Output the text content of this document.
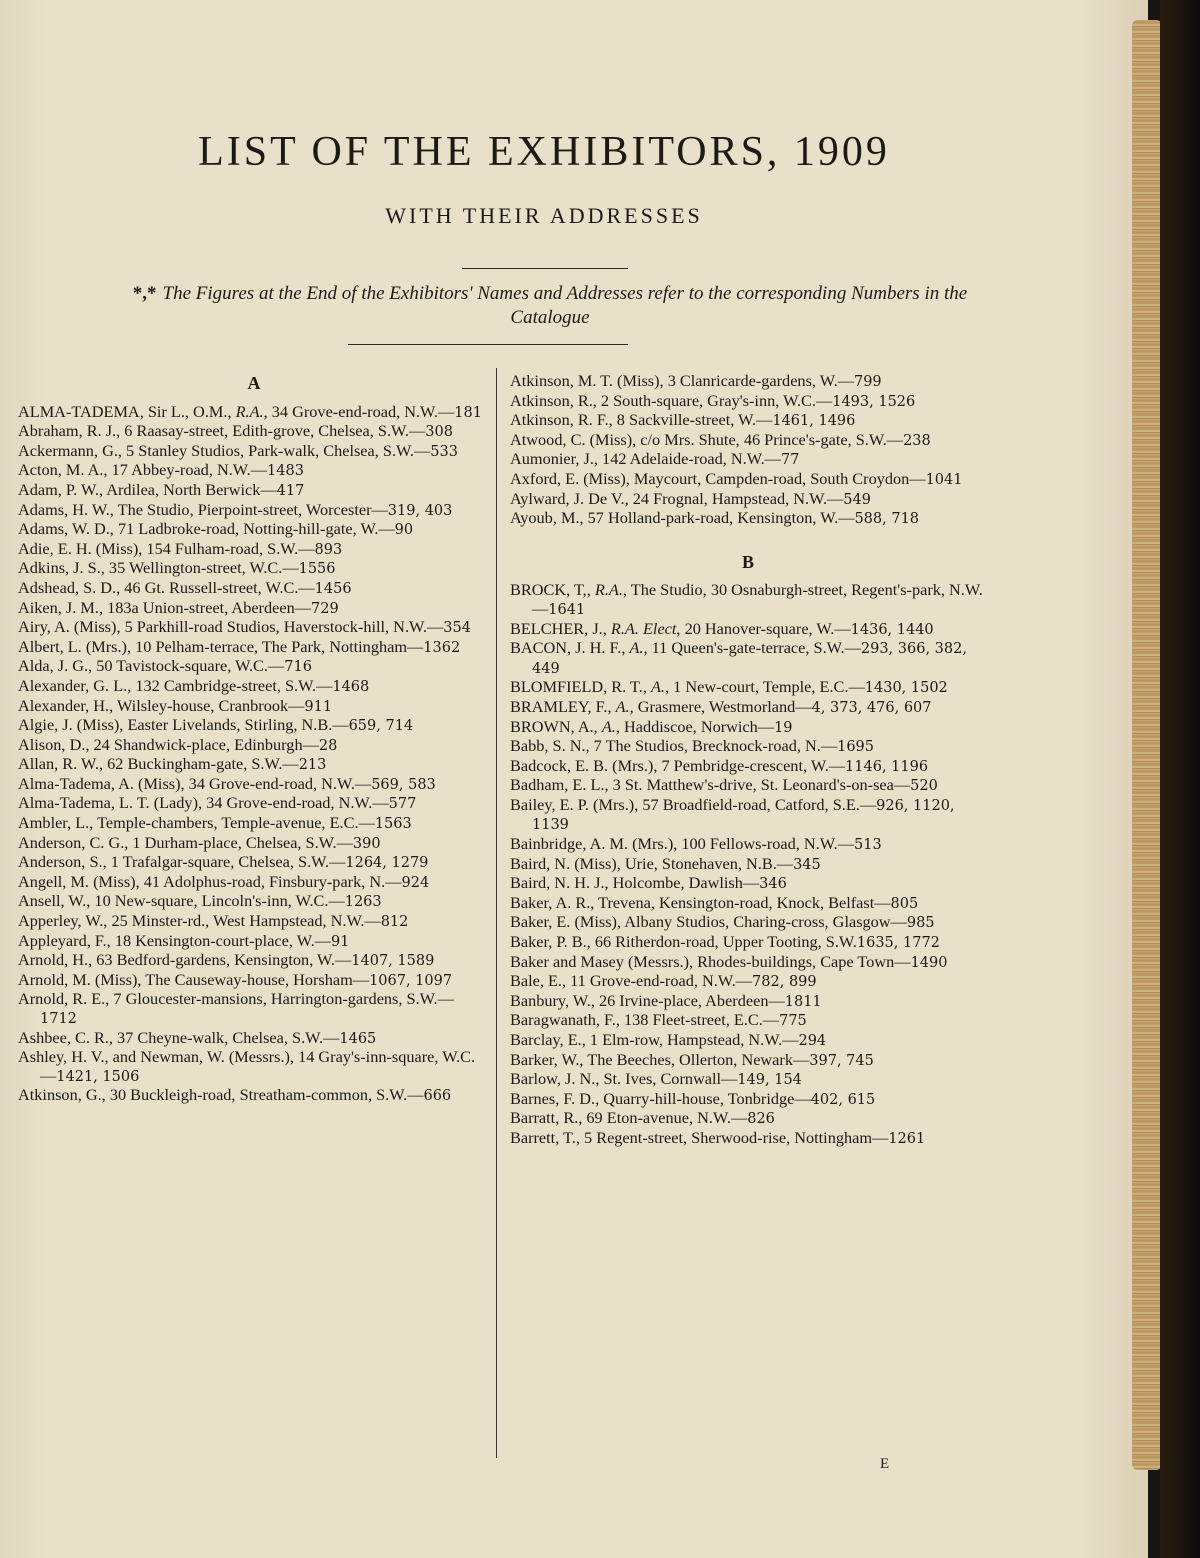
LIST OF THE EXHIBITORS, 1909
WITH THEIR ADDRESSES
*,* The Figures at the End of the Exhibitors' Names and Addresses refer to the corresponding Numbers in the Catalogue
A

ALMA-TADEMA, Sir L., O.M., R.A., 34 Grove-end-road, N.W.—181

Abraham, R. J., 6 Raasay-street, Edith-grove, Chelsea, S.W.—308

Ackermann, G., 5 Stanley Studios, Park-walk, Chelsea, S.W.—533

Acton, M. A., 17 Abbey-road, N.W.—1483

Adam, P. W., Ardilea, North Berwick—417

Adams, H. W., The Studio, Pierpoint-street, Worcester—319, 403

Adams, W. D., 71 Ladbroke-road, Notting-hill-gate, W.—90

Adie, E. H. (Miss), 154 Fulham-road, S.W.—893

Adkins, J. S., 35 Wellington-street, W.C.—1556

Adshead, S. D., 46 Gt. Russell-street, W.C.—1456

Aiken, J. M., 183a Union-street, Aberdeen—729

Airy, A. (Miss), 5 Parkhill-road Studios, Haverstock-hill, N.W.—354

Albert, L. (Mrs.), 10 Pelham-terrace, The Park, Nottingham—1362

Alda, J. G., 50 Tavistock-square, W.C.—716

Alexander, G. L., 132 Cambridge-street, S.W.—1468

Alexander, H., Wilsley-house, Cranbrook—911

Algie, J. (Miss), Easter Livelands, Stirling, N.B.—659, 714

Alison, D., 24 Shandwick-place, Edinburgh—28

Allan, R. W., 62 Buckingham-gate, S.W.—213

Alma-Tadema, A. (Miss), 34 Grove-end-road, N.W.—569, 583

Alma-Tadema, L. T. (Lady), 34 Grove-end-road, N.W.—577

Ambler, L., Temple-chambers, Temple-avenue, E.C.—1563

Anderson, C. G., 1 Durham-place, Chelsea, S.W.—390

Anderson, S., 1 Trafalgar-square, Chelsea, S.W.—1264, 1279

Angell, M. (Miss), 41 Adolphus-road, Finsbury-park, N.—924

Ansell, W., 10 New-square, Lincoln's-inn, W.C.—1263

Apperley, W., 25 Minster-rd., West Hampstead, N.W.—812

Appleyard, F., 18 Kensington-court-place, W.—91

Arnold, H., 63 Bedford-gardens, Kensington, W.—1407, 1589

Arnold, M. (Miss), The Causeway-house, Horsham—1067, 1097

Arnold, R. E., 7 Gloucester-mansions, Harrington-gardens, S.W.—1712

Ashbee, C. R., 37 Cheyne-walk, Chelsea, S.W.—1465

Ashley, H. V., and Newman, W. (Messrs.), 14 Gray's-inn-square, W.C.—1421, 1506

Atkinson, G., 30 Buckleigh-road, Streatham-common, S.W.—666

Atkinson, M. T. (Miss), 3 Clanricarde-gardens, W.—799

Atkinson, R., 2 South-square, Gray's-inn, W.C.—1493, 1526

Atkinson, R. F., 8 Sackville-street, W.—1461, 1496

Atwood, C. (Miss), c/o Mrs. Shute, 46 Prince's-gate, S.W.—238

Aumonier, J., 142 Adelaide-road, N.W.—77

Axford, E. (Miss), Maycourt, Campden-road, South Croydon—1041

Aylward, J. De V., 24 Frognal, Hampstead, N.W.—549

Ayoub, M., 57 Holland-park-road, Kensington, W.—588, 718

B

BROCK, T,, R.A., The Studio, 30 Osnaburgh-street, Regent's-park, N.W.—1641

BELCHER, J., R.A. Elect, 20 Hanover-square, W.—1436, 1440

BACON, J. H. F., A., 11 Queen's-gate-terrace, S.W.—293, 366, 382, 449

BLOMFIELD, R. T., A., 1 New-court, Temple, E.C.—1430, 1502

BRAMLEY, F., A., Grasmere, Westmorland—4, 373, 476, 607

BROWN, A., A., Haddiscoe, Norwich—19

Babb, S. N., 7 The Studios, Brecknock-road, N.—1695

Badcock, E. B. (Mrs.), 7 Pembridge-crescent, W.—1146, 1196

Badham, E. L., 3 St. Matthew's-drive, St. Leonard's-on-sea—520

Bailey, E. P. (Mrs.), 57 Broadfield-road, Catford, S.E.—926, 1120, 1139

Bainbridge, A. M. (Mrs.), 100 Fellows-road, N.W.—513

Baird, N. (Miss), Urie, Stonehaven, N.B.—345

Baird, N. H. J., Holcombe, Dawlish—346

Baker, A. R., Trevena, Kensington-road, Knock, Belfast—805

Baker, E. (Miss), Albany Studios, Charing-cross, Glasgow—985

Baker, P. B., 66 Ritherdon-road, Upper Tooting, S.W.1635, 1772

Baker and Masey (Messrs.), Rhodes-buildings, Cape Town—1490

Bale, E., 11 Grove-end-road, N.W.—782, 899

Banbury, W., 26 Irvine-place, Aberdeen—1811

Baragwanath, F., 138 Fleet-street, E.C.—775

Barclay, E., 1 Elm-row, Hampstead, N.W.—294

Barker, W., The Beeches, Ollerton, Newark—397, 745

Barlow, J. N., St. Ives, Cornwall—149, 154

Barnes, F. D., Quarry-hill-house, Tonbridge—402, 615

Barratt, R., 69 Eton-avenue, N.W.—826

Barrett, T., 5 Regent-street, Sherwood-rise, Nottingham—1261

E
